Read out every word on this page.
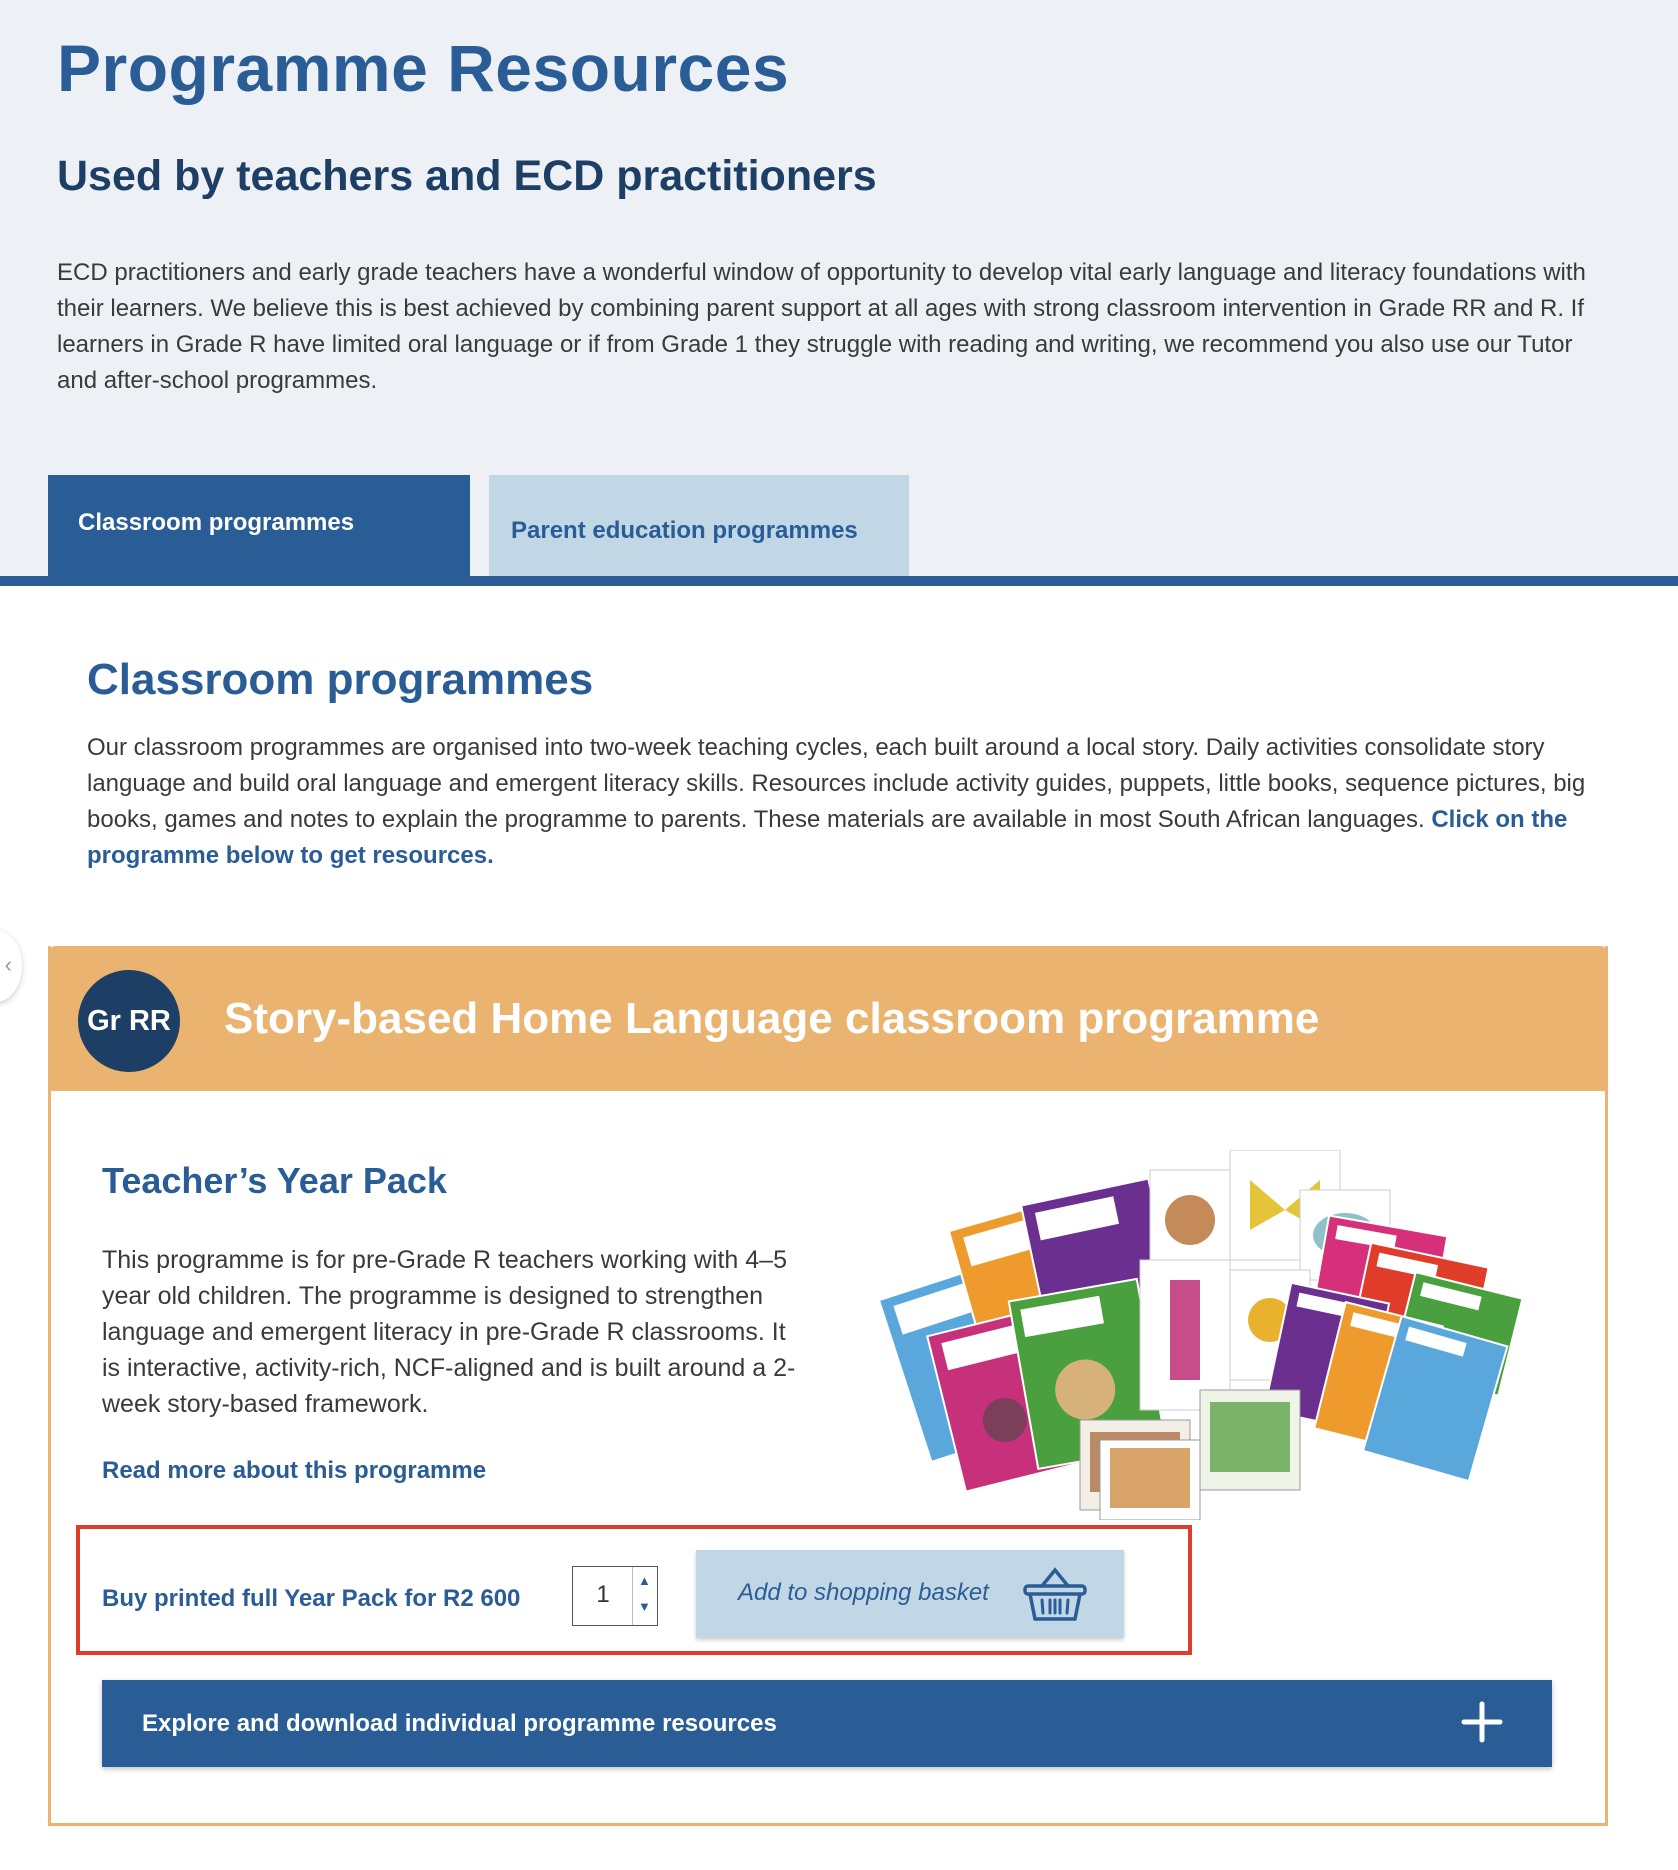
Programme Resources
Used by teachers and ECD practitioners

ECD practitioners and early grade teachers have a wonderful window of opportunity to develop vital early language and literacy foundations with their learners. We believe this is best achieved by combining parent support at all ages with strong classroom intervention in Grade RR and R. If learners in Grade R have limited oral language or if from Grade 1 they struggle with reading and writing, we recommend you also use our Tutor and after-school programmes.

Classroom programmes	Parent education programmes
Classroom programmes

Our classroom programmes are organised into two-week teaching cycles, each built around a local story. Daily activities consolidate story language and build oral language and emergent literacy skills. Resources include activity guides, puppets, little books, sequence pictures, big books, games and notes to explain the programme to parents. These materials are available in most South African languages. Click on the programme below to get resources.

‹
Gr RR Story-based Home Language classroom programme
Teacher’s Year Pack

This programme is for pre-Grade R teachers working with 4–5 year old children. The programme is designed to strengthen language and emergent literacy in pre-Grade R classrooms. It is interactive, activity-rich, NCF-aligned and is built around a 2-week story-based framework.

Read more about this programme
Buy printed full Year Pack for R2 600	1
▲
▼
Add to shopping basket
Explore and download individual programme resources
